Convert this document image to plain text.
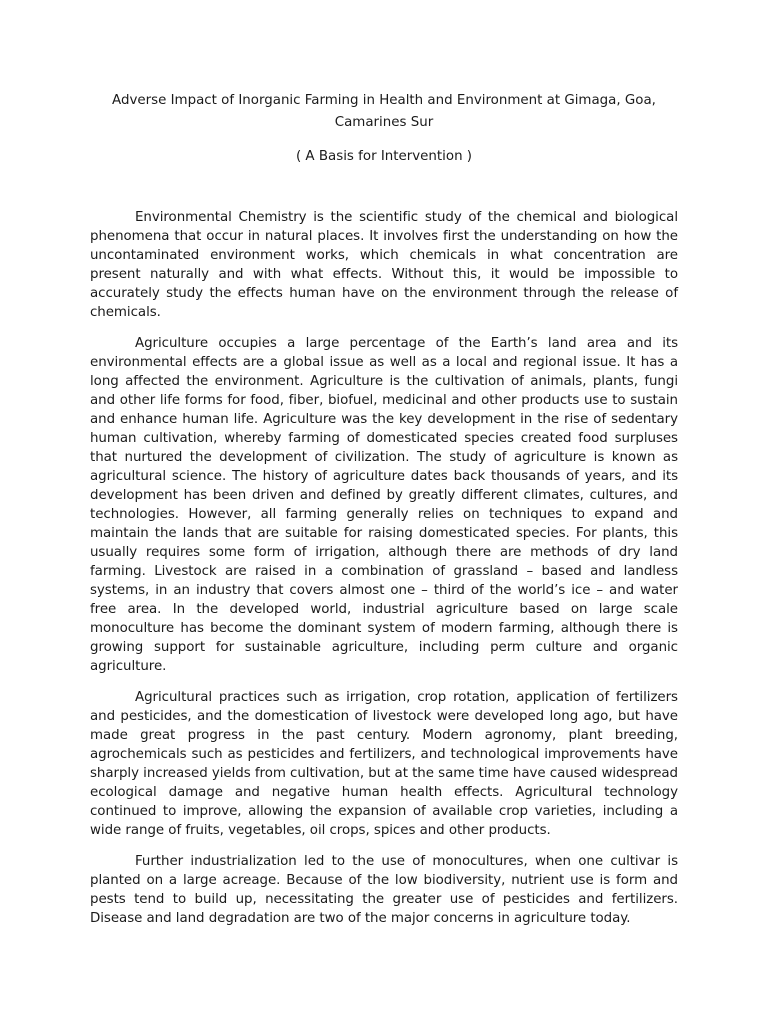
Adverse Impact of Inorganic Farming in Health and Environment at Gimaga, Goa, Camarines Sur
( A Basis for Intervention )

Environmental Chemistry is the scientific study of the chemical and biological phenomena that occur in natural places. It involves first the understanding on how the uncontaminated environment works, which chemicals in what concentration are present naturally and with what effects. Without this, it would be impossible to accurately study the effects human have on the environment through the release of chemicals.

Agriculture occupies a large percentage of the Earth’s land area and its environmental effects are a global issue as well as a local and regional issue. It has a long affected the environment. Agriculture is the cultivation of animals, plants, fungi and other life forms for food, fiber, biofuel, medicinal and other products use to sustain and enhance human life. Agriculture was the key development in the rise of sedentary human cultivation, whereby farming of domesticated species created food surpluses that nurtured the development of civilization. The study of agriculture is known as agricultural science. The history of agriculture dates back thousands of years, and its development has been driven and defined by greatly different climates, cultures, and technologies. However, all farming generally relies on techniques to expand and maintain the lands that are suitable for raising domesticated species. For plants, this usually requires some form of irrigation, although there are methods of dry land farming. Livestock are raised in a combination of grassland – based and landless systems, in an industry that covers almost one – third of the world’s ice – and water free area. In the developed world, industrial agriculture based on large scale monoculture has become the dominant system of modern farming, although there is growing support for sustainable agriculture, including perm culture and organic agriculture.

Agricultural practices such as irrigation, crop rotation, application of fertilizers and pesticides, and the domestication of livestock were developed long ago, but have made great progress in the past century. Modern agronomy, plant breeding, agrochemicals such as pesticides and fertilizers, and technological improvements have sharply increased yields from cultivation, but at the same time have caused widespread ecological damage and negative human health effects. Agricultural technology continued to improve, allowing the expansion of available crop varieties, including a wide range of fruits, vegetables, oil crops, spices and other products.

Further industrialization led to the use of monocultures, when one cultivar is planted on a large acreage. Because of the low biodiversity, nutrient use is form and pests tend to build up, necessitating the greater use of pesticides and fertilizers. Disease and land degradation are two of the major concerns in agriculture today.
